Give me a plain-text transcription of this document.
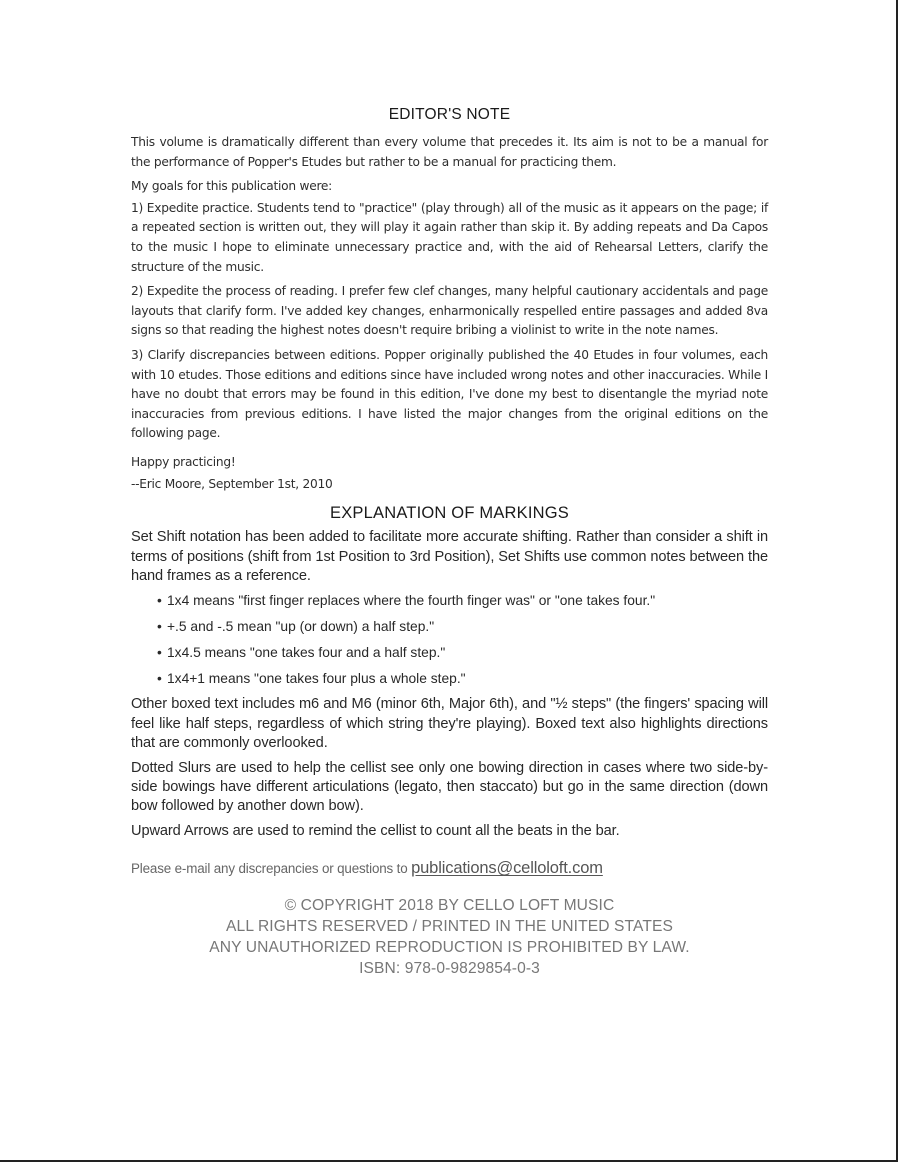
EDITOR'S NOTE

This volume is dramatically different than every volume that precedes it. Its aim is not to be a manual for the performance of Popper's Etudes but rather to be a manual for practicing them.

My goals for this publication were:

1) Expedite practice. Students tend to "practice" (play through) all of the music as it appears on the page; if a repeated section is written out, they will play it again rather than skip it. By adding repeats and Da Capos to the music I hope to eliminate unnecessary practice and, with the aid of Rehearsal Letters, clarify the structure of the music.

2) Expedite the process of reading. I prefer few clef changes, many helpful cautionary accidentals and page layouts that clarify form. I've added key changes, enharmonically respelled entire passages and added 8va signs so that reading the highest notes doesn't require bribing a violinist to write in the note names.

3) Clarify discrepancies between editions. Popper originally published the 40 Etudes in four volumes, each with 10 etudes. Those editions and editions since have included wrong notes and other inaccuracies. While I have no doubt that errors may be found in this edition, I've done my best to disentangle the myriad note inaccuracies from previous editions. I have listed the major changes from the original editions on the following page.

Happy practicing!

--Eric Moore, September 1st, 2010

EXPLANATION OF MARKINGS

Set Shift notation has been added to facilitate more accurate shifting. Rather than consider a shift in terms of positions (shift from 1st Position to 3rd Position), Set Shifts use common notes between the hand frames as a reference.

• 1x4 means "first finger replaces where the fourth finger was" or "one takes four."
• +.5 and -.5 mean "up (or down) a half step."
• 1x4.5 means "one takes four and a half step."
• 1x4+1 means "one takes four plus a whole step."

Other boxed text includes m6 and M6 (minor 6th, Major 6th), and "½ steps" (the fingers' spacing will feel like half steps, regardless of which string they're playing). Boxed text also highlights directions that are commonly overlooked.

Dotted Slurs are used to help the cellist see only one bowing direction in cases where two side-by-side bowings have different articulations (legato, then staccato) but go in the same direction (down bow followed by another down bow).

Upward Arrows are used to remind the cellist to count all the beats in the bar.

Please e-mail any discrepancies or questions to publications@celloloft.com
© COPYRIGHT 2018 BY CELLO LOFT MUSIC
ALL RIGHTS RESERVED / PRINTED IN THE UNITED STATES
ANY UNAUTHORIZED REPRODUCTION IS PROHIBITED BY LAW.
ISBN: 978-0-9829854-0-3
